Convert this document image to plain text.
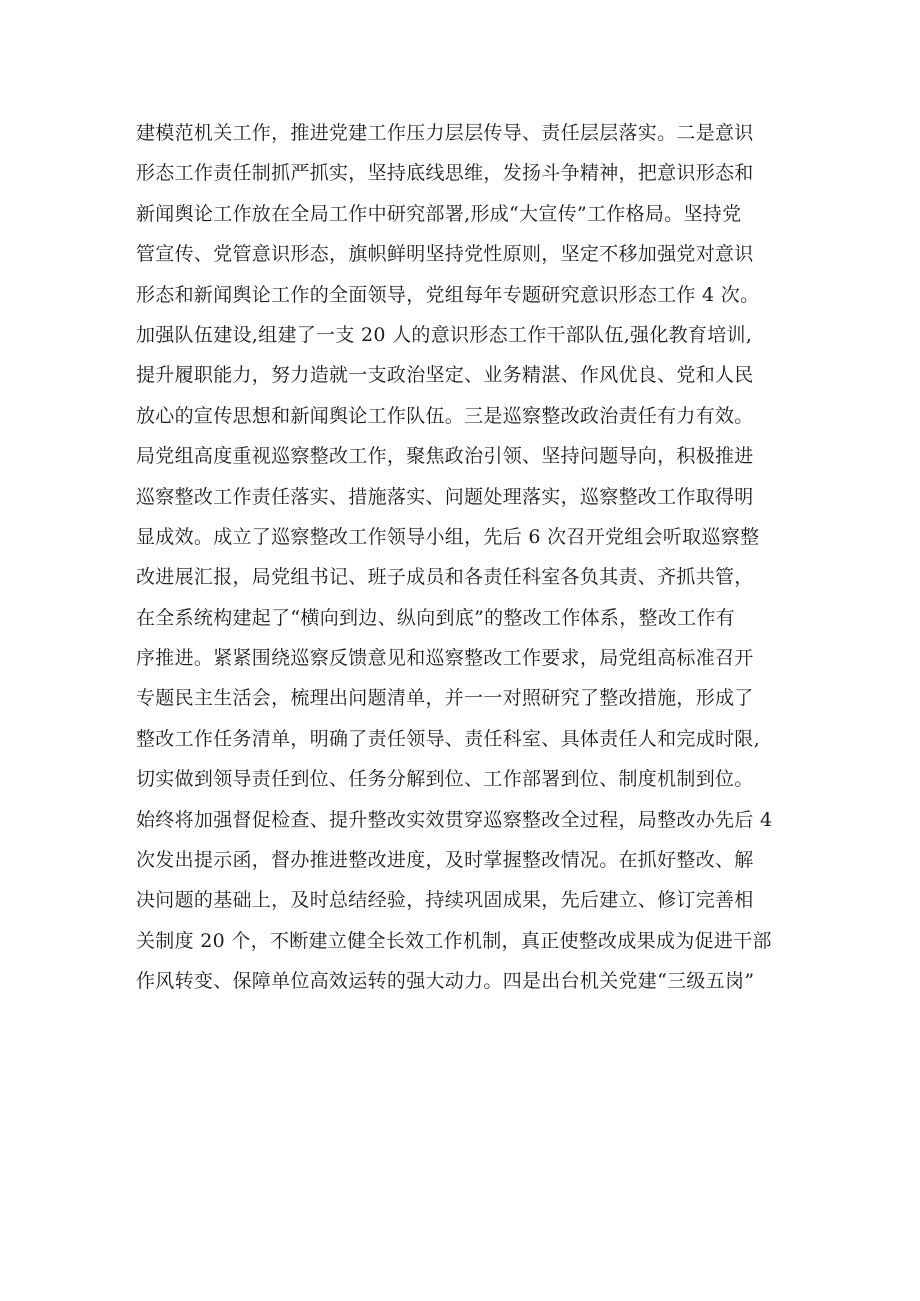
建模范机关工作，推进党建工作压力层层传导、责任层层落实。二是意识
形态工作责任制抓严抓实，坚持底线思维，发扬斗争精神，把意识形态和
新闻舆论工作放在全局工作中研究部署,形成“大宣传”工作格局。坚持党
管宣传、党管意识形态，旗帜鲜明坚持党性原则，坚定不移加强党对意识
形态和新闻舆论工作的全面领导，党组每年专题研究意识形态工作 4 次。
加强队伍建设,组建了一支 20 人的意识形态工作干部队伍,强化教育培训,
提升履职能力，努力造就一支政治坚定、业务精湛、作风优良、党和人民
放心的宣传思想和新闻舆论工作队伍。三是巡察整改政治责任有力有效。
局党组高度重视巡察整改工作，聚焦政治引领、坚持问题导向，积极推进
巡察整改工作责任落实、措施落实、问题处理落实，巡察整改工作取得明
显成效。成立了巡察整改工作领导小组，先后 6 次召开党组会听取巡察整
改进展汇报，局党组书记、班子成员和各责任科室各负其责、齐抓共管，
在全系统构建起了“横向到边、纵向到底”的整改工作体系，整改工作有
序推进。紧紧围绕巡察反馈意见和巡察整改工作要求，局党组高标准召开
专题民主生活会，梳理出问题清单，并一一对照研究了整改措施，形成了
整改工作任务清单，明确了责任领导、责任科室、具体责任人和完成时限,
切实做到领导责任到位、任务分解到位、工作部署到位、制度机制到位。
始终将加强督促检查、提升整改实效贯穿巡察整改全过程，局整改办先后 4
次发出提示函，督办推进整改进度，及时掌握整改情况。在抓好整改、解
决问题的基础上，及时总结经验，持续巩固成果，先后建立、修订完善相
关制度 20 个，不断建立健全长效工作机制，真正使整改成果成为促进干部
作风转变、保障单位高效运转的强大动力。四是出台机关党建“三级五岗”
